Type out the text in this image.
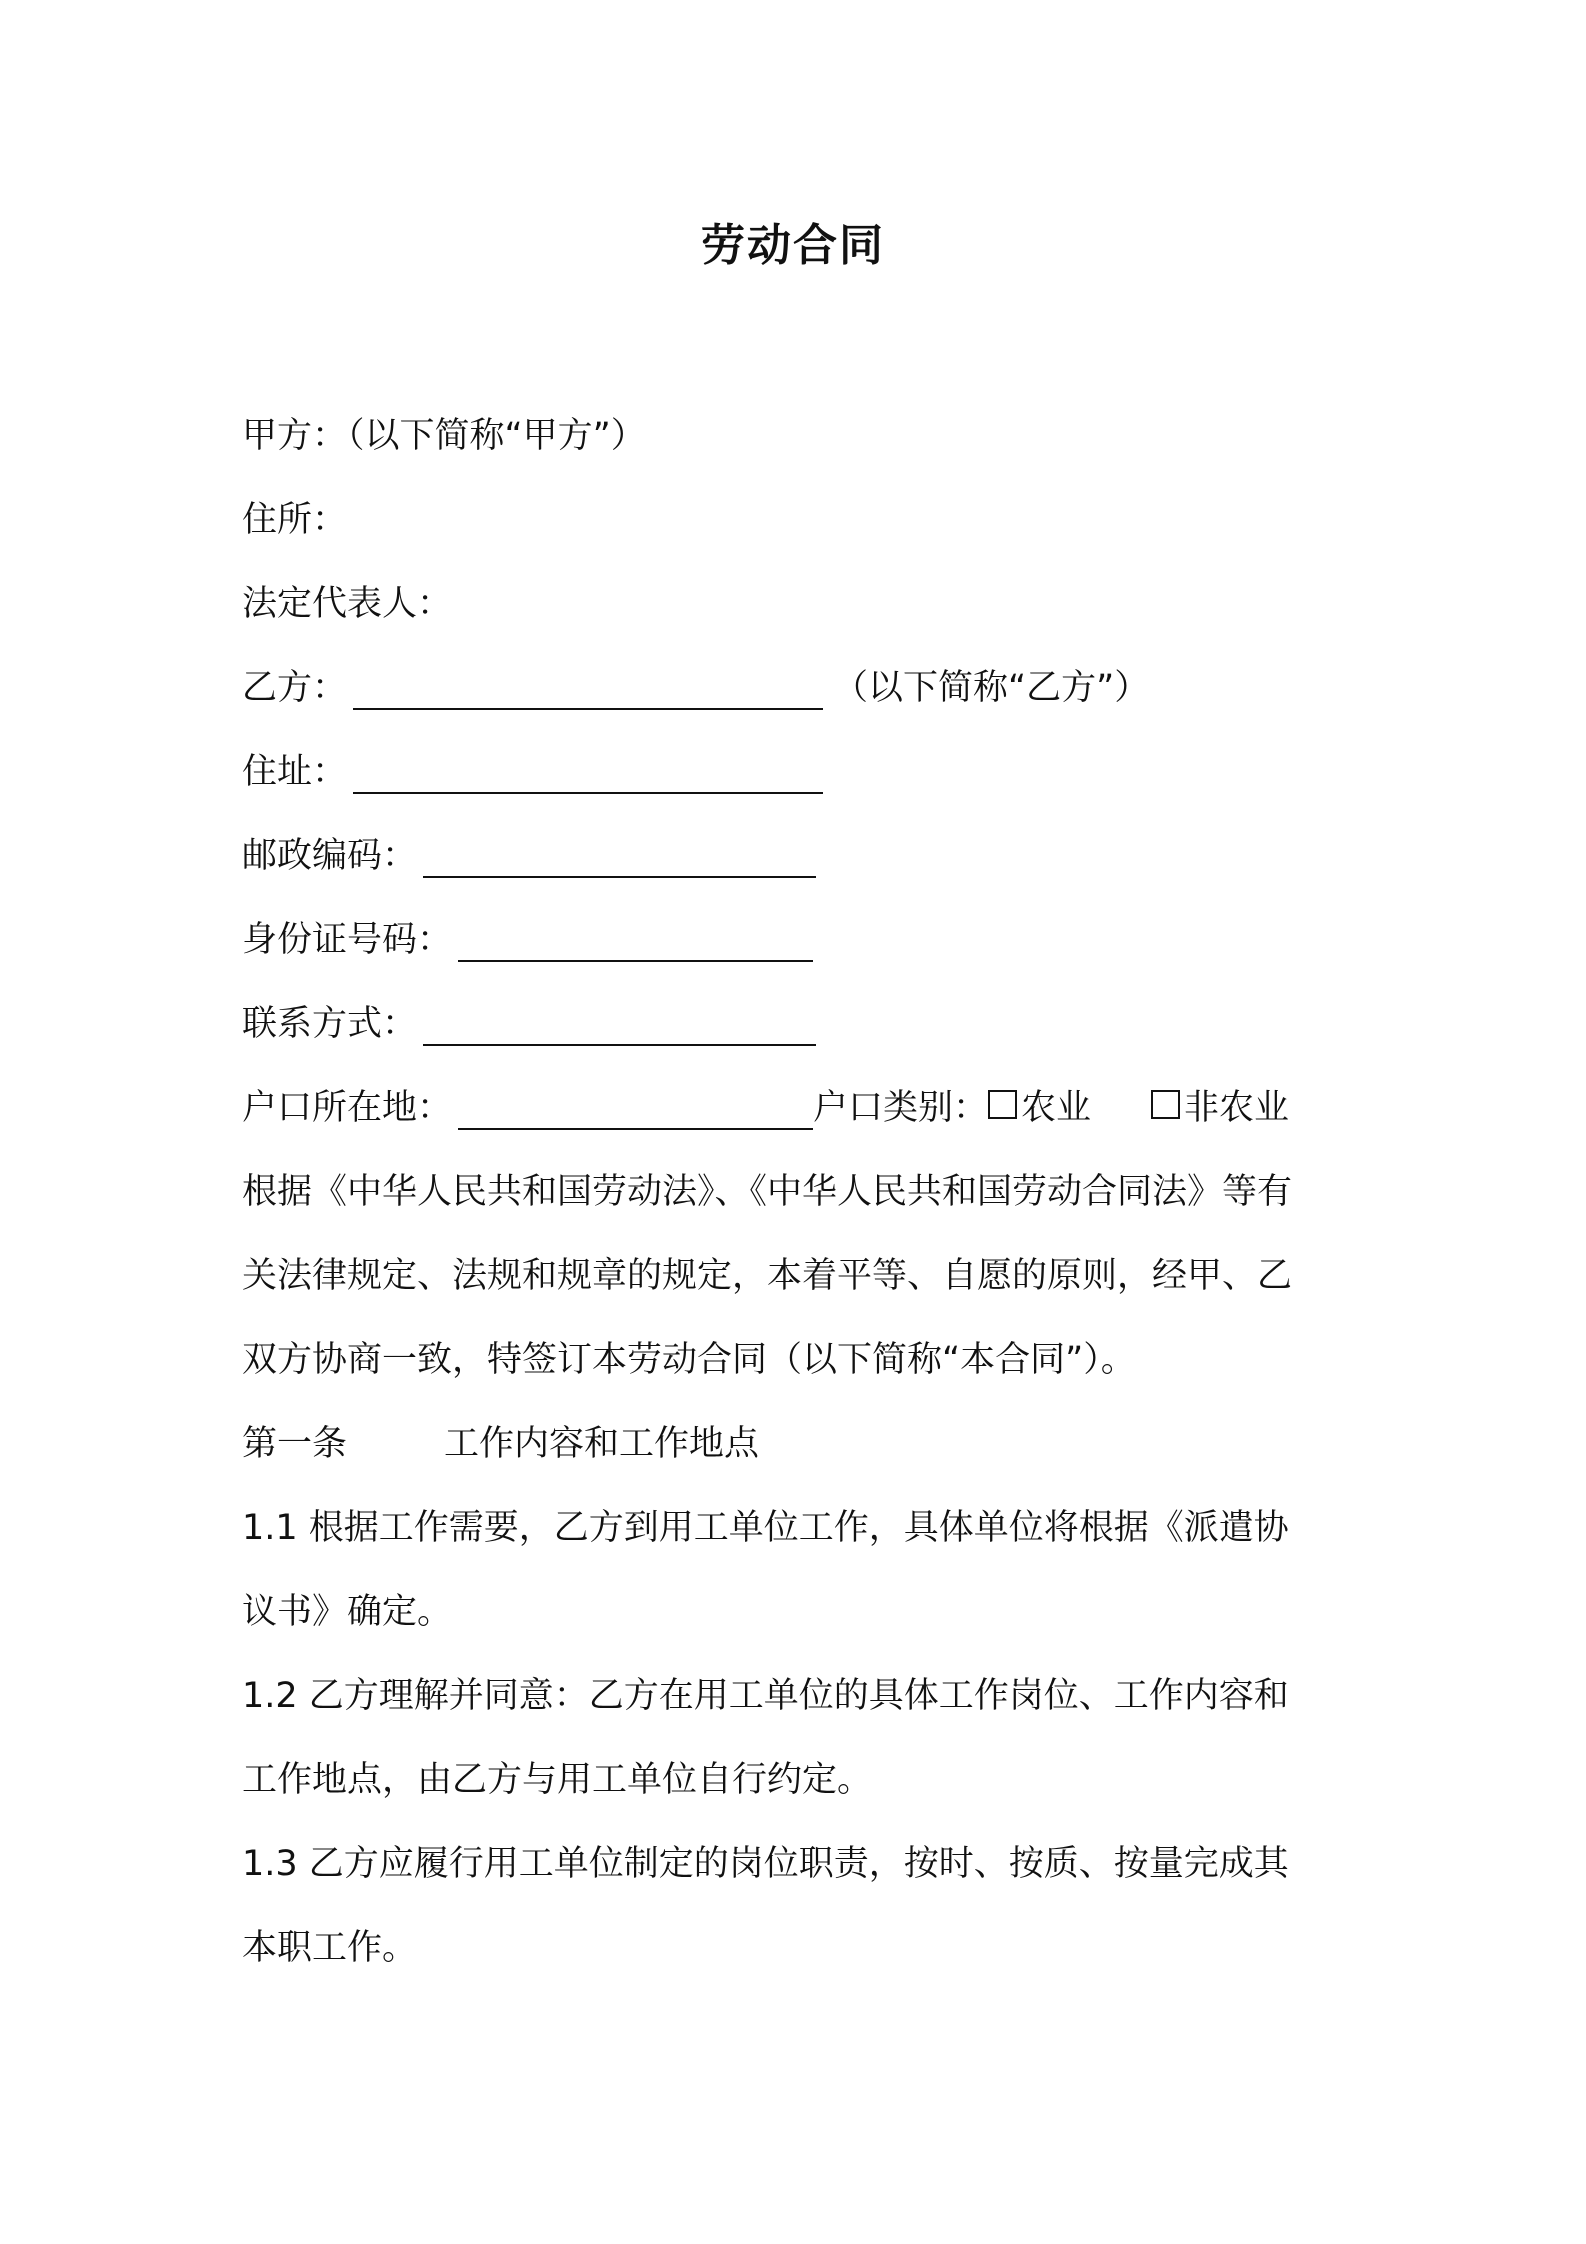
劳动合同
甲方：（以下简称“甲方”）
住所：
法定代表人：
乙方：	（以下简称“乙方”）
住址：
邮政编码：
身份证号码：
联系方式：
户口所在地：	户口类别： 农业	非农业
根据《中华人民共和国劳动法》、《中华人民共和国劳动合同法》等有
关法律规定、法规和规章的规定，本着平等、自愿的原则，经甲、乙
双方协商一致，特签订本劳动合同（以下简称“本合同”）。
第一条	工作内容和工作地点
1.1 根据工作需要，乙方到用工单位工作，具体单位将根据《派遣协
议书》确定。
1.2 乙方理解并同意：乙方在用工单位的具体工作岗位、工作内容和
工作地点，由乙方与用工单位自行约定。
1.3 乙方应履行用工单位制定的岗位职责，按时、按质、按量完成其
本职工作。
